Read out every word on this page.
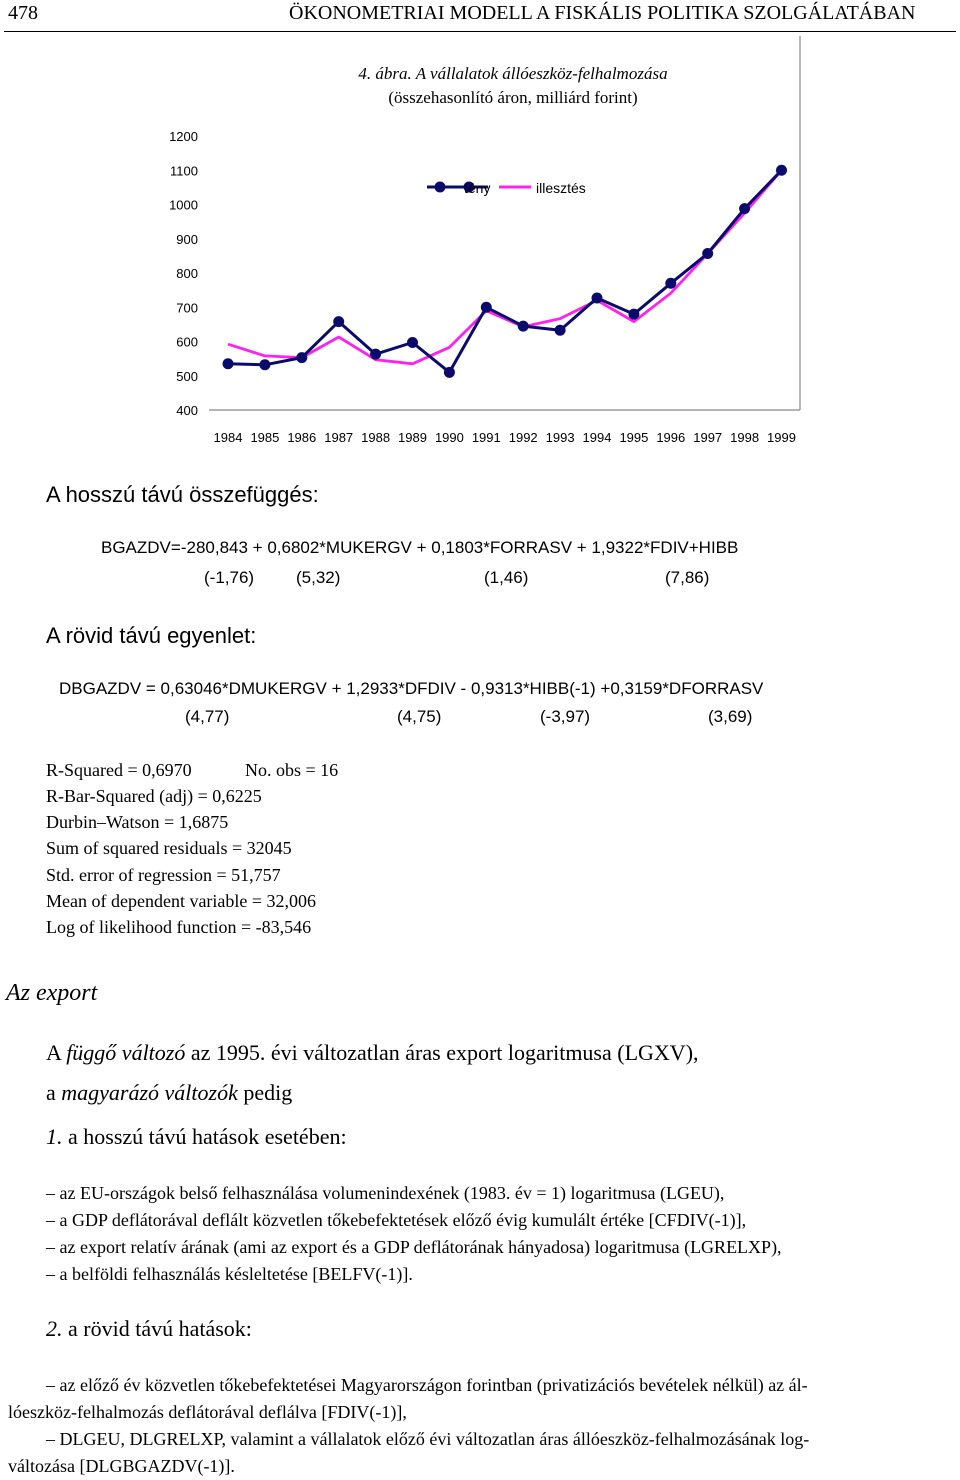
478	ÖKONOMETRIAI MODELL A FISKÁLIS POLITIKA SZOLGÁLATÁBAN
4. ábra. A vállalatok állóeszköz-felhalmozása
(összehasonlító áron, milliárd forint)
400
500
600
700
800
900
1000
1100
1200
1984 1985 1986 1987 1988 1989 1990 1991 1992 1993 1994 1995 1996 1997 1998 1999
tény	illesztés
A hosszú távú összefüggés:
BGAZDV=-280,843 + 0,6802*MUKERGV + 0,1803*FORRASV + 1,9322*FDIV+HIBB
(-1,76) (5,32)	(1,46)	(7,86)
A rövid távú egyenlet:
DBGAZDV = 0,63046*DMUKERGV + 1,2933*DFDIV - 0,9313*HIBB(-1) +0,3159*DFORRASV
(4,77)	(4,75)	(-3,97)	(3,69)
R-Squared = 0,6970	No. obs = 16
R-Bar-Squared (adj) = 0,6225
Durbin–Watson = 1,6875
Sum of squared residuals = 32045
Std. error of regression = 51,757
Mean of dependent variable = 32,006
Log of likelihood function = -83,546
Az export
A függő változó az 1995. évi változatlan áras export logaritmusa (LGXV),
a magyarázó változók pedig
1. a hosszú távú hatások esetében:
– az EU-országok belső felhasználása volumenindexének (1983. év = 1) logaritmusa (LGEU),
– a GDP deflátorával deflált közvetlen tőkebefektetések előző évig kumulált értéke [CFDIV(-1)],
– az export relatív árának (ami az export és a GDP deflátorának hányadosa) logaritmusa (LGRELXP),
– a belföldi felhasználás késleltetése [BELFV(-1)].
2. a rövid távú hatások:
– az előző év közvetlen tőkebefektetései Magyarországon forintban (privatizációs bevételek nélkül) az ál-
lóeszköz-felhalmozás deflátorával deflálva [FDIV(-1)],
– DLGEU, DLGRELXP, valamint a vállalatok előző évi változatlan áras állóeszköz-felhalmozásának log-
változása [DLGBGAZDV(-1)].
